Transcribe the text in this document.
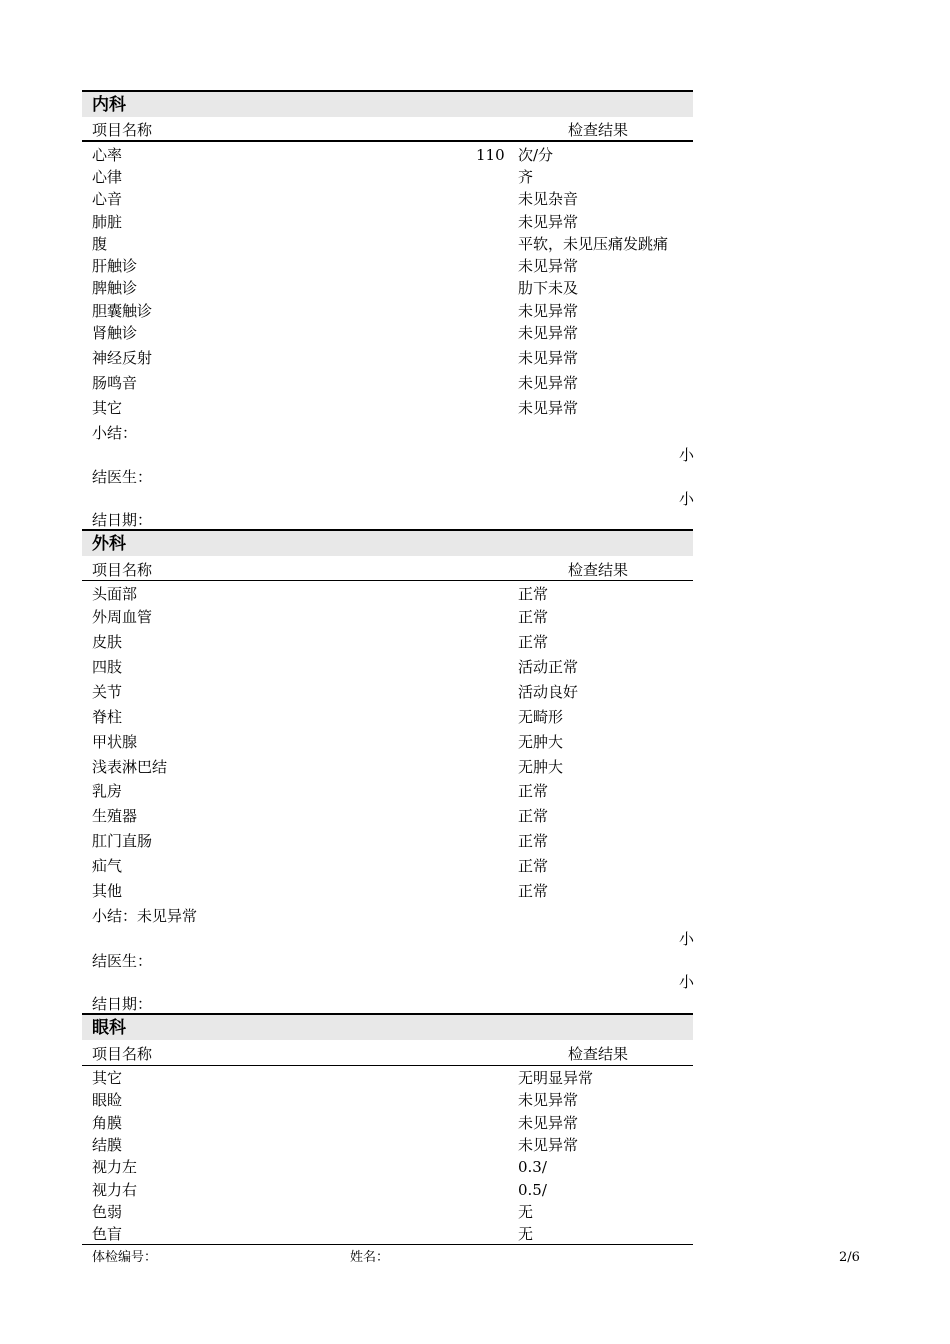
内科
项目名称	检查结果
心率	110 次/分
心律	齐
心音	未见杂音
肺脏	未见异常
腹	平软，未见压痛发跳痛
肝触诊	未见异常
脾触诊	肋下未及
胆囊触诊	未见异常
肾触诊	未见异常
神经反射	未见异常
肠鸣音	未见异常
其它	未见异常
小结：
小
结医生：
小
结日期：
外科
项目名称	检查结果
头面部	正常
外周血管	正常
皮肤	正常
四肢	活动正常
关节	活动良好
脊柱	无畸形
甲状腺	无肿大
浅表淋巴结	无肿大
乳房	正常
生殖器	正常
肛门直肠	正常
疝气	正常
其他	正常
小结：未见异常
小
结医生：
小
结日期：
眼科
项目名称	检查结果
其它	无明显异常
眼睑	未见异常
角膜	未见异常
结膜	未见异常
视力左	0.3/
视力右	0.5/
色弱	无
色盲	无
体检编号：	姓名：	2/6
